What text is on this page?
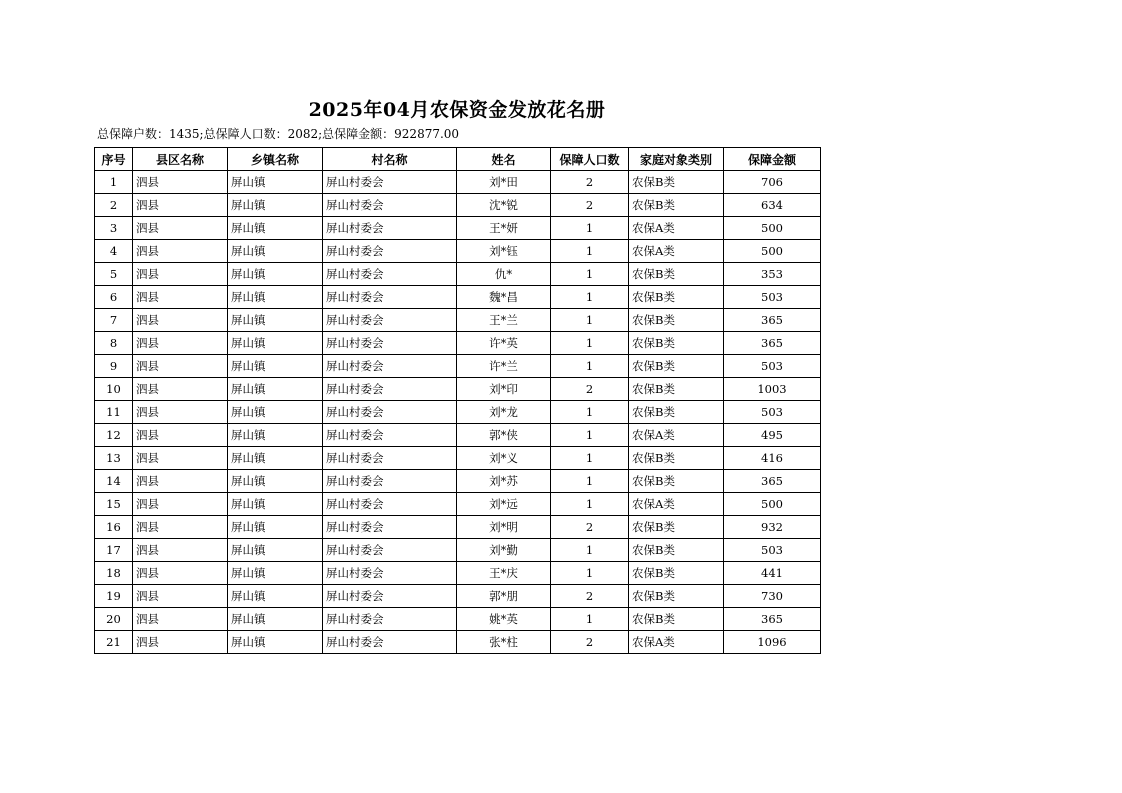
2025年04月农保资金发放花名册
总保障户数：1435;总保障人口数：2082;总保障金额：922877.00
序号	县区名称	乡镇名称	村名称	姓名	保障人口数	家庭对象类别	保障金额
1	泗县	屏山镇	屏山村委会	刘*田	2	农保B类	706
2	泗县	屏山镇	屏山村委会	沈*锐	2	农保B类	634
3	泗县	屏山镇	屏山村委会	王*妍	1	农保A类	500
4	泗县	屏山镇	屏山村委会	刘*钰	1	农保A类	500
5	泗县	屏山镇	屏山村委会	仇*	1	农保B类	353
6	泗县	屏山镇	屏山村委会	魏*昌	1	农保B类	503
7	泗县	屏山镇	屏山村委会	王*兰	1	农保B类	365
8	泗县	屏山镇	屏山村委会	许*英	1	农保B类	365
9	泗县	屏山镇	屏山村委会	许*兰	1	农保B类	503
10	泗县	屏山镇	屏山村委会	刘*印	2	农保B类	1003
11	泗县	屏山镇	屏山村委会	刘*龙	1	农保B类	503
12	泗县	屏山镇	屏山村委会	郭*侠	1	农保A类	495
13	泗县	屏山镇	屏山村委会	刘*义	1	农保B类	416
14	泗县	屏山镇	屏山村委会	刘*苏	1	农保B类	365
15	泗县	屏山镇	屏山村委会	刘*远	1	农保A类	500
16	泗县	屏山镇	屏山村委会	刘*明	2	农保B类	932
17	泗县	屏山镇	屏山村委会	刘*勤	1	农保B类	503
18	泗县	屏山镇	屏山村委会	王*庆	1	农保B类	441
19	泗县	屏山镇	屏山村委会	郭*朋	2	农保B类	730
20	泗县	屏山镇	屏山村委会	姚*英	1	农保B类	365
21	泗县	屏山镇	屏山村委会	张*柱	2	农保A类	1096
